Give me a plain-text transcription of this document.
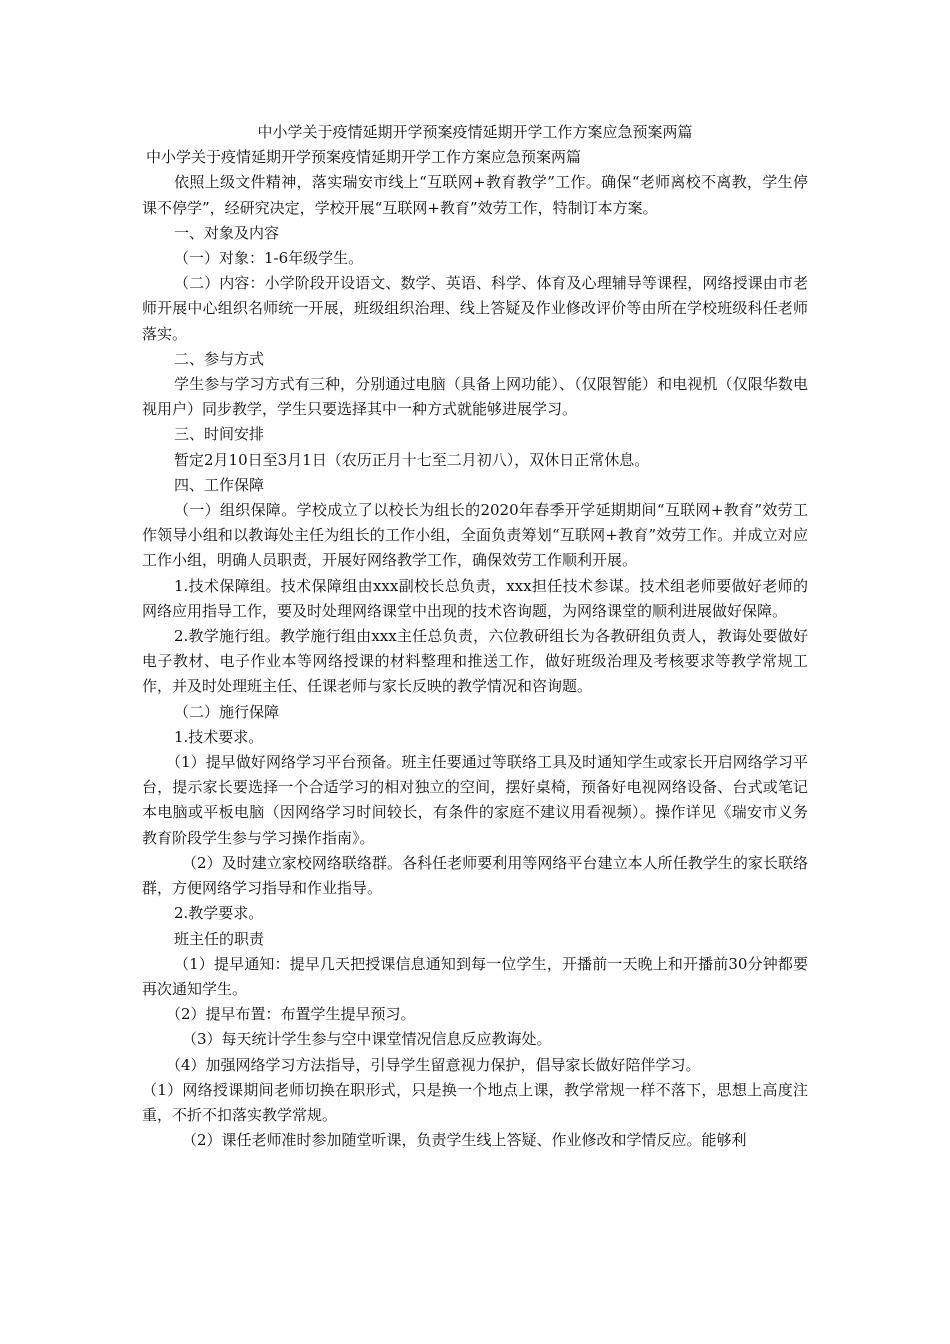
中小学关于疫情延期开学预案疫情延期开学工作方案应急预案两篇

中小学关于疫情延期开学预案疫情延期开学工作方案应急预案两篇

依照上级文件精神，落实瑞安市线上“互联网+教育教学”工作。确保“老师离校不离教，学生停课不停学”，经研究决定，学校开展“互联网+教育”效劳工作，特制订本方案。

一、对象及内容

（一）对象：1-6年级学生。

（二）内容：小学阶段开设语文、数学、英语、科学、体育及心理辅导等课程，网络授课由市老师开展中心组织名师统一开展，班级组织治理、线上答疑及作业修改评价等由所在学校班级科任老师落实。

二、参与方式

学生参与学习方式有三种，分别通过电脑（具备上网功能）、（仅限智能）和电视机（仅限华数电视用户）同步教学，学生只要选择其中一种方式就能够进展学习。

三、时间安排

暂定2月10日至3月1日（农历正月十七至二月初八），双休日正常休息。

四、工作保障

（一）组织保障。学校成立了以校长为组长的2020年春季开学延期期间“互联网+教育”效劳工作领导小组和以教诲处主任为组长的工作小组，全面负责筹划“互联网+教育”效劳工作。并成立对应工作小组，明确人员职责，开展好网络教学工作，确保效劳工作顺利开展。

1.技术保障组。技术保障组由xxx副校长总负责，xxx担任技术参谋。技术组老师要做好老师的网络应用指导工作，要及时处理网络课堂中出现的技术咨询题，为网络课堂的顺利进展做好保障。

2.教学施行组。教学施行组由xxx主任总负责，六位教研组长为各教研组负责人，教诲处要做好电子教材、电子作业本等网络授课的材料整理和推送工作，做好班级治理及考核要求等教学常规工作，并及时处理班主任、任课老师与家长反映的教学情况和咨询题。

（二）施行保障

1.技术要求。

（1）提早做好网络学习平台预备。班主任要通过等联络工具及时通知学生或家长开启网络学习平台，提示家长要选择一个合适学习的相对独立的空间，摆好桌椅，预备好电视网络设备、台式或笔记本电脑或平板电脑（因网络学习时间较长，有条件的家庭不建议用看视频）。操作详见《瑞安市义务教育阶段学生参与学习操作指南》。

（2）及时建立家校网络联络群。各科任老师要利用等网络平台建立本人所任教学生的家长联络群，方便网络学习指导和作业指导。

2.教学要求。

班主任的职责

（1）提早通知：提早几天把授课信息通知到每一位学生，开播前一天晚上和开播前30分钟都要再次通知学生。

（2）提早布置：布置学生提早预习。

（3）每天统计学生参与空中课堂情况信息反应教诲处。

（4）加强网络学习方法指导，引导学生留意视力保护，倡导家长做好陪伴学习。

（1）网络授课期间老师切换在职形式，只是换一个地点上课，教学常规一样不落下，思想上高度注重，不折不扣落实教学常规。

（2）课任老师准时参加随堂听课，负责学生线上答疑、作业修改和学情反应。能够利
